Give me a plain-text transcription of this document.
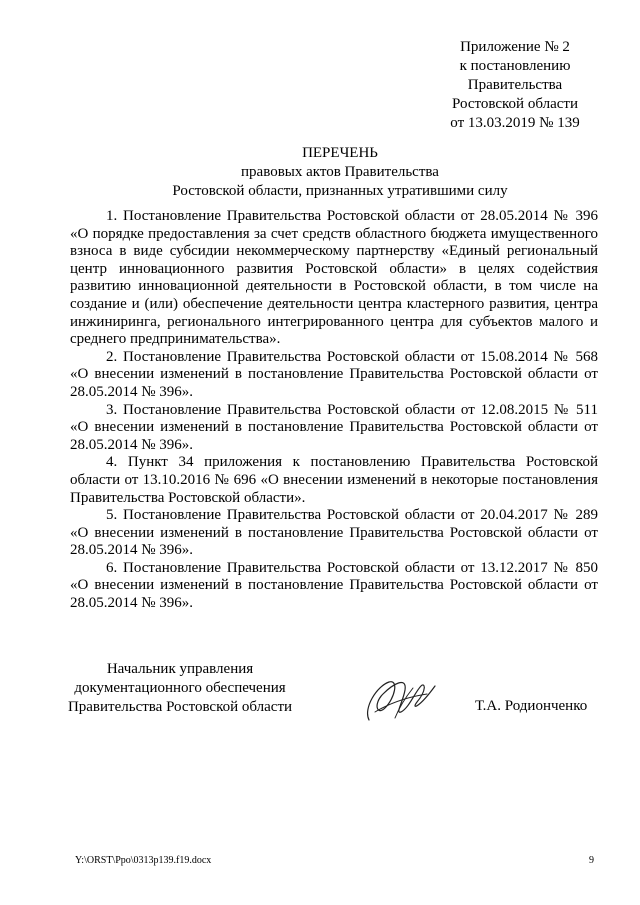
Приложение № 2
к постановлению
Правительства
Ростовской области
от 13.03.2019 № 139
ПЕРЕЧЕНЬ
правовых актов Правительства
Ростовской области, признанных утратившими силу

1. Постановление Правительства Ростовской области от 28.05.2014 № 396 «О порядке предоставления за счет средств областного бюджета имущественного взноса в виде субсидии некоммерческому партнерству «Единый региональный центр инновационного развития Ростовской области» в целях содействия развитию инновационной деятельности в Ростовской области, в том числе на создание и (или) обеспечение деятельности центра кластерного развития, центра инжиниринга, регионального интегрированного центра для субъектов малого и среднего предпринимательства».

2. Постановление Правительства Ростовской области от 15.08.2014 № 568 «О внесении изменений в постановление Правительства Ростовской области от 28.05.2014 № 396».

3. Постановление Правительства Ростовской области от 12.08.2015 № 511 «О внесении изменений в постановление Правительства Ростовской области от 28.05.2014 № 396».

4. Пункт 34 приложения к постановлению Правительства Ростовской области от 13.10.2016 № 696 «О внесении изменений в некоторые постановления Правительства Ростовской области».

5. Постановление Правительства Ростовской области от 20.04.2017 № 289 «О внесении изменений в постановление Правительства Ростовской области от 28.05.2014 № 396».

6. Постановление Правительства Ростовской области от 13.12.2017 № 850 «О внесении изменений в постановление Правительства Ростовской области от 28.05.2014 № 396».

Начальник управления
документационного обеспечения
Правительства Ростовской области	Т.А. Родионченко
Y:\ORST\Ppo\0313p139.f19.docx	9
